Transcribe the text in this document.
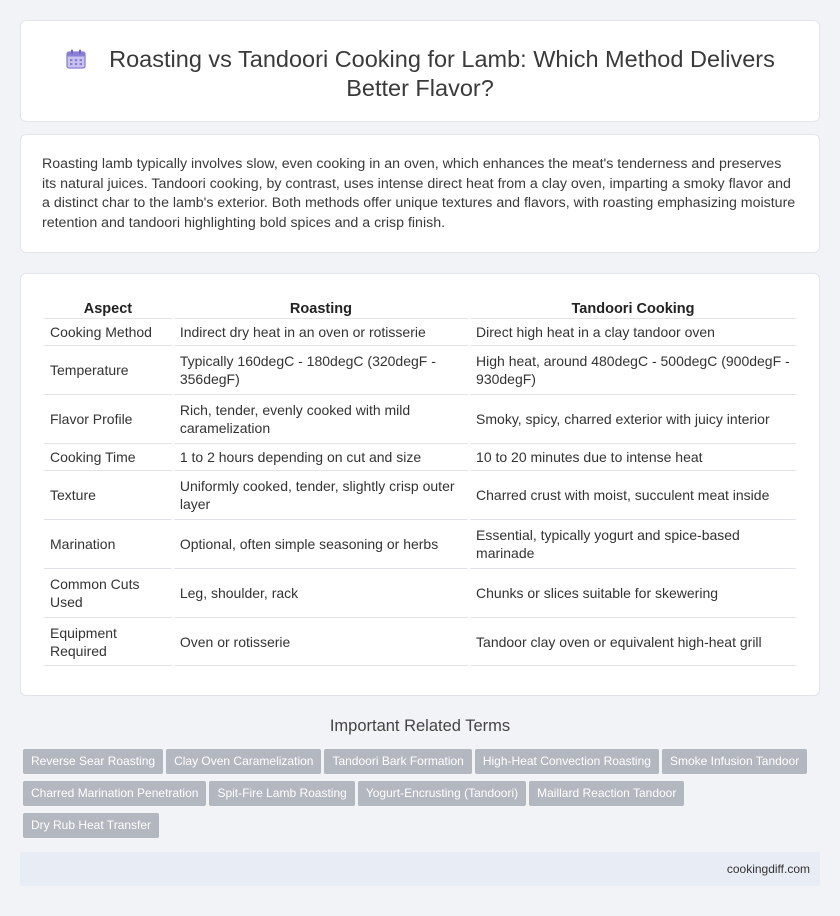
Roasting vs Tandoori Cooking for Lamb: Which Method Delivers Better Flavor?

Roasting lamb typically involves slow, even cooking in an oven, which enhances the meat's tenderness and preserves its natural juices. Tandoori cooking, by contrast, uses intense direct heat from a clay oven, imparting a smoky flavor and a distinct char to the lamb's exterior. Both methods offer unique textures and flavors, with roasting emphasizing moisture retention and tandoori highlighting bold spices and a crisp finish.

Aspect	Roasting	Tandoori Cooking
Cooking Method	Indirect dry heat in an oven or rotisserie	Direct high heat in a clay tandoor oven
Temperature	Typically 160degC - 180degC (320degF - 356degF)	High heat, around 480degC - 500degC (900degF - 930degF)
Flavor Profile	Rich, tender, evenly cooked with mild caramelization	Smoky, spicy, charred exterior with juicy interior
Cooking Time	1 to 2 hours depending on cut and size	10 to 20 minutes due to intense heat
Texture	Uniformly cooked, tender, slightly crisp outer layer	Charred crust with moist, succulent meat inside
Marination	Optional, often simple seasoning or herbs	Essential, typically yogurt and spice-based marinade
Common Cuts Used	Leg, shoulder, rack	Chunks or slices suitable for skewering
Equipment Required	Oven or rotisserie	Tandoor clay oven or equivalent high-heat grill
Important Related Terms
Reverse Sear Roasting Clay Oven Caramelization Tandoori Bark Formation High-Heat Convection Roasting Smoke Infusion Tandoor
Charred Marination Penetration Spit-Fire Lamb Roasting Yogurt-Encrusting (Tandoori) Maillard Reaction Tandoor
Dry Rub Heat Transfer
cookingdiff.com
